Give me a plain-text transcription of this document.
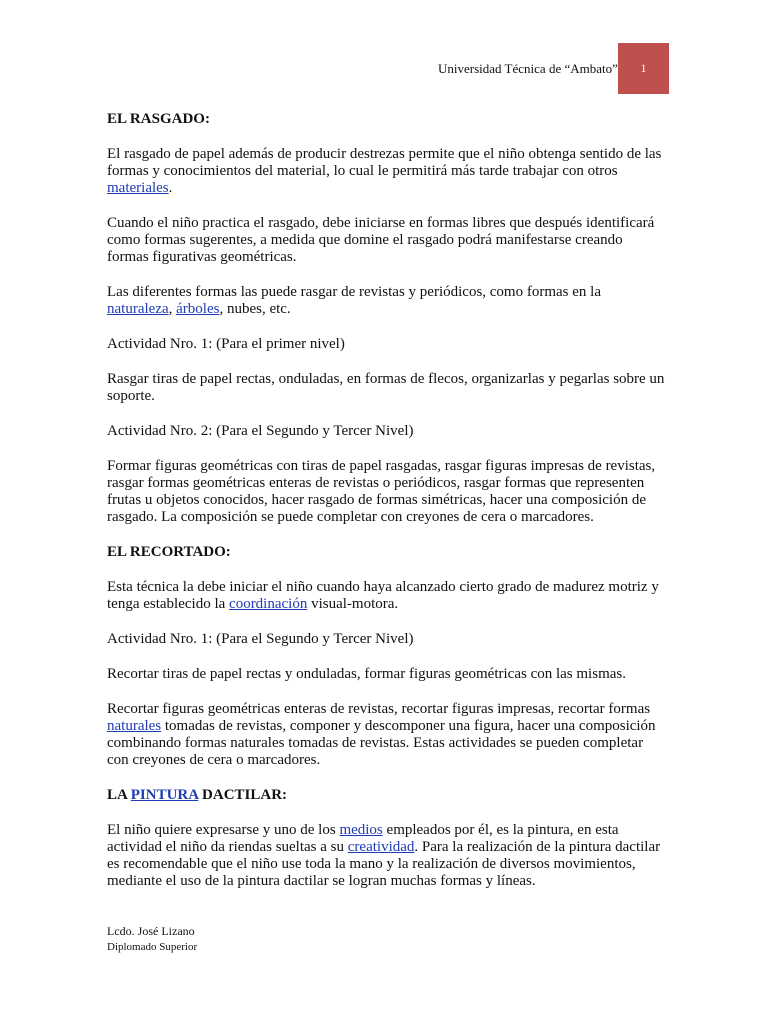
Universidad Técnica de “Ambato” 1
EL RASGADO:

El rasgado de papel además de producir destrezas permite que el niño obtenga sentido de las formas y conocimientos del material, lo cual le permitirá más tarde trabajar con otros materiales.

Cuando el niño practica el rasgado, debe iniciarse en formas libres que después identificará como formas sugerentes, a medida que domine el rasgado podrá manifestarse creando formas figurativas geométricas.

Las diferentes formas las puede rasgar de revistas y periódicos, como formas en la naturaleza, árboles, nubes, etc.

Actividad Nro. 1: (Para el primer nivel)

Rasgar tiras de papel rectas, onduladas, en formas de flecos, organizarlas y pegarlas sobre un soporte.

Actividad Nro. 2: (Para el Segundo y Tercer Nivel)

Formar figuras geométricas con tiras de papel rasgadas, rasgar figuras impresas de revistas, rasgar formas geométricas enteras de revistas o periódicos, rasgar formas que representen frutas u objetos conocidos, hacer rasgado de formas simétricas, hacer una composición de rasgado. La composición se puede completar con creyones de cera o marcadores.

EL RECORTADO:

Esta técnica la debe iniciar el niño cuando haya alcanzado cierto grado de madurez motriz y tenga establecido la coordinación visual-motora.

Actividad Nro. 1: (Para el Segundo y Tercer Nivel)

Recortar tiras de papel rectas y onduladas, formar figuras geométricas con las mismas.

Recortar figuras geométricas enteras de revistas, recortar figuras impresas, recortar formas naturales tomadas de revistas, componer y descomponer una figura, hacer una composición combinando formas naturales tomadas de revistas. Estas actividades se pueden completar con creyones de cera o marcadores.

LA PINTURA DACTILAR:

El niño quiere expresarse y uno de los medios empleados por él, es la pintura, en esta actividad el niño da riendas sueltas a su creatividad. Para la realización de la pintura dactilar es recomendable que el niño use toda la mano y la realización de diversos movimientos, mediante el uso de la pintura dactilar se logran muchas formas y líneas.

Lcdo. José Lizano
Diplomado Superior
